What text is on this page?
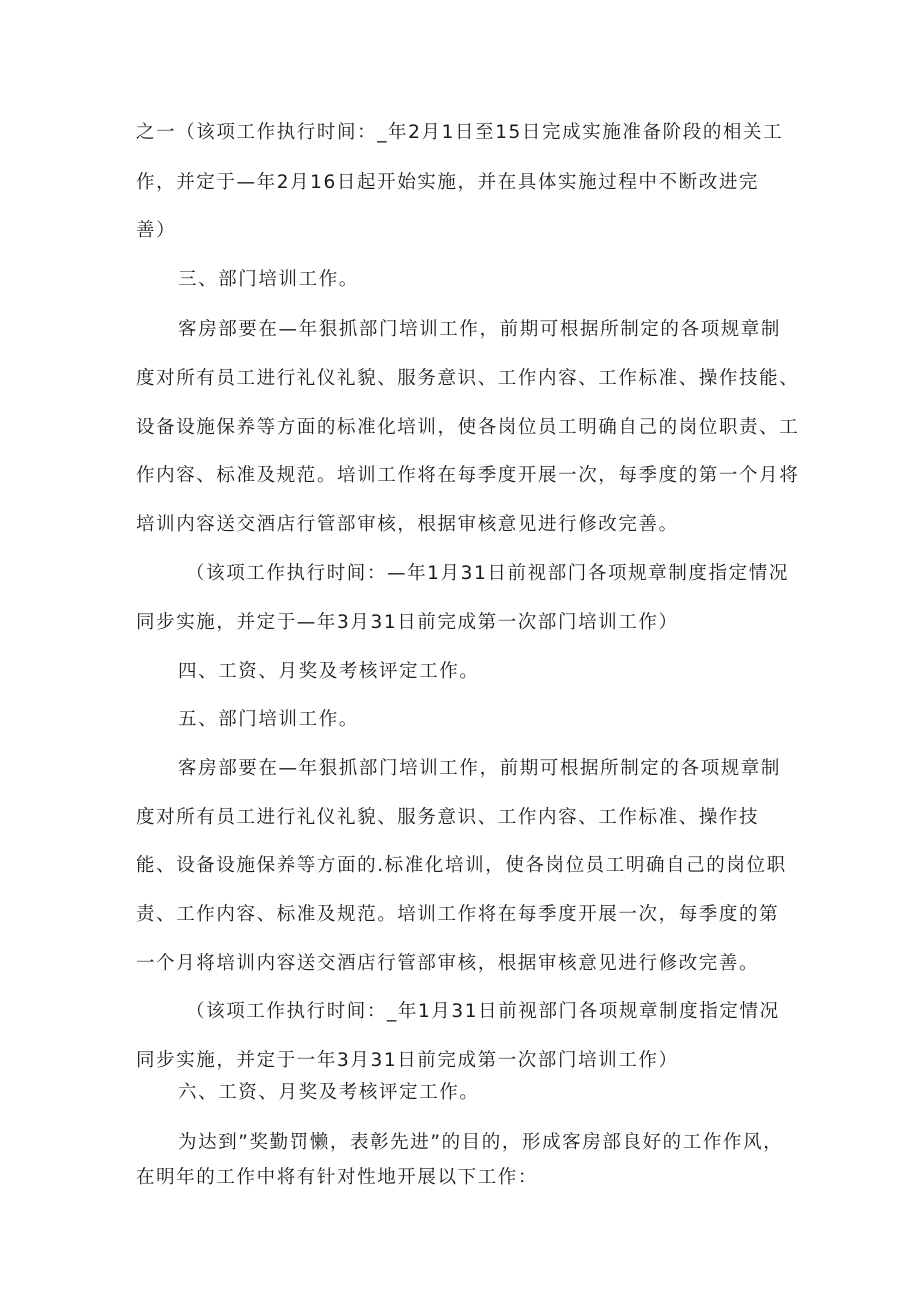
之一（该项工作执行时间：_年2月1日至15日完成实施准备阶段的相关工
作，并定于—年2月16日起开始实施，并在具体实施过程中不断改进完
善）
三、部门培训工作。
客房部要在—年狠抓部门培训工作，前期可根据所制定的各项规章制
度对所有员工进行礼仪礼貌、服务意识、工作内容、工作标准、操作技能、
设备设施保养等方面的标准化培训，使各岗位员工明确自己的岗位职责、工
作内容、标准及规范。培训工作将在每季度开展一次，每季度的第一个月将
培训内容送交酒店行管部审核，根据审核意见进行修改完善。
（该项工作执行时间：—年1月31日前视部门各项规章制度指定情况
同步实施，并定于—年3月31日前完成第一次部门培训工作）
四、工资、月奖及考核评定工作。
五、部门培训工作。
客房部要在—年狠抓部门培训工作，前期可根据所制定的各项规章制
度对所有员工进行礼仪礼貌、服务意识、工作内容、工作标准、操作技
能、设备设施保养等方面的.标准化培训，使各岗位员工明确自己的岗位职
责、工作内容、标准及规范。培训工作将在每季度开展一次，每季度的第
一个月将培训内容送交酒店行管部审核，根据审核意见进行修改完善。
（该项工作执行时间：_年1月31日前视部门各项规章制度指定情况
同步实施，并定于一年3月31日前完成第一次部门培训工作）
六、工资、月奖及考核评定工作。
为达到”奖勤罚懒，表彰先进”的目的，形成客房部良好的工作作风，
在明年的工作中将有针对性地开展以下工作：
